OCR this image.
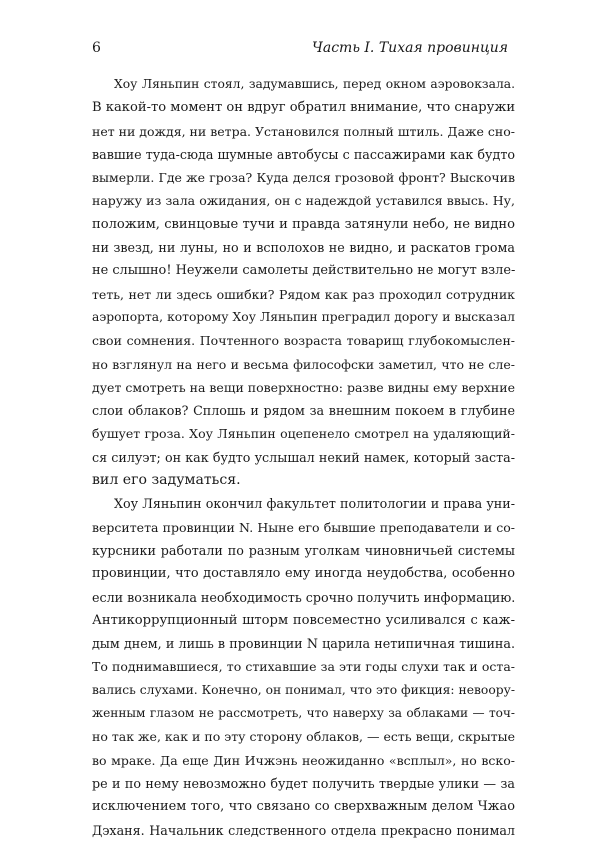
6	Часть I. Тихая провинция
Хоу Ляньпин стоял, задумавшись, перед окном аэровокзала.
В какой-то момент он вдруг обратил внимание, что снаружи
нет ни дождя, ни ветра. Установился полный штиль. Даже сно-
вавшие туда-сюда шумные автобусы с пассажирами как будто
вымерли. Где же гроза? Куда делся грозовой фронт? Выскочив
наружу из зала ожидания, он с надеждой уставился ввысь. Ну,
положим, свинцовые тучи и правда затянули небо, не видно
ни звезд, ни луны, но и всполохов не видно, и раскатов грома
не слышно! Неужели самолеты действительно не могут взле-
теть, нет ли здесь ошибки? Рядом как раз проходил сотрудник
аэропорта, которому Хоу Ляньпин преградил дорогу и высказал
свои сомнения. Почтенного возраста товарищ глубокомыслен-
но взглянул на него и весьма философски заметил, что не сле-
дует смотреть на вещи поверхностно: разве видны ему верхние
слои облаков? Сплошь и рядом за внешним покоем в глубине
бушует гроза. Хоу Ляньпин оцепенело смотрел на удаляющий-
ся силуэт; он как будто услышал некий намек, который заста-
вил его задуматься.
Хоу Ляньпин окончил факультет политологии и права уни-
верситета провинции N. Ныне его бывшие преподаватели и со-
курсники работали по разным уголкам чиновничьей системы
провинции, что доставляло ему иногда неудобства, особенно
если возникала необходимость срочно получить информацию.
Антикоррупционный шторм повсеместно усиливался с каж-
дым днем, и лишь в провинции N царила нетипичная тишина.
То поднимавшиеся, то стихавшие за эти годы слухи так и оста-
вались слухами. Конечно, он понимал, что это фикция: невоору-
женным глазом не рассмотреть, что наверху за облаками — точ-
но так же, как и по эту сторону облаков, — есть вещи, скрытые
во мраке. Да еще Дин Ичжэнь неожиданно «всплыл», но вско-
ре и по нему невозможно будет получить твердые улики — за
исключением того, что связано со сверхважным делом Чжао
Дэханя. Начальник следственного отдела прекрасно понимал
